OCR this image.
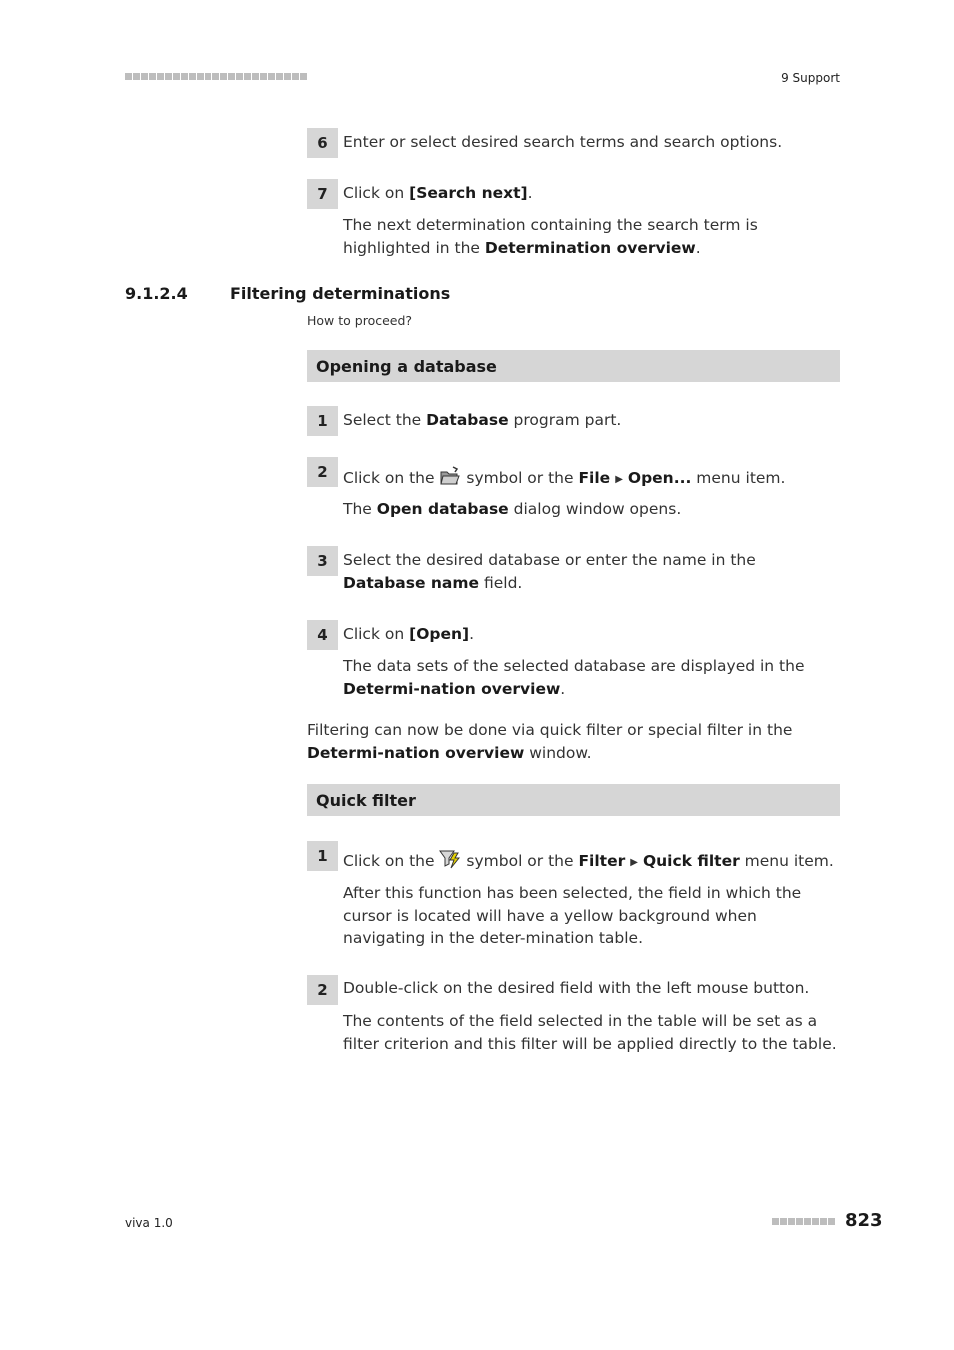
9 Support
6 Enter or select desired search terms and search options.
7 Click on [Search next].
The next determination containing the search term is highlighted in the Determination overview.
9.1.2.4	Filtering determinations
How to proceed?
Opening a database
1 Select the Database program part.
2 Click on the  symbol or the File ▶ Open... menu item.
The Open database dialog window opens.
3 Select the desired database or enter the name in the Database name field.
4 Click on [Open].
The data sets of the selected database are displayed in the Determi-nation overview.
Filtering can now be done via quick filter or special filter in the Determi-nation overview window.
Quick filter
1 Click on the  symbol or the Filter ▶ Quick filter menu item.
After this function has been selected, the field in which the cursor is located will have a yellow background when navigating in the deter-mination table.
2 Double-click on the desired field with the left mouse button.
The contents of the field selected in the table will be set as a filter criterion and this filter will be applied directly to the table.
viva 1.0	823
